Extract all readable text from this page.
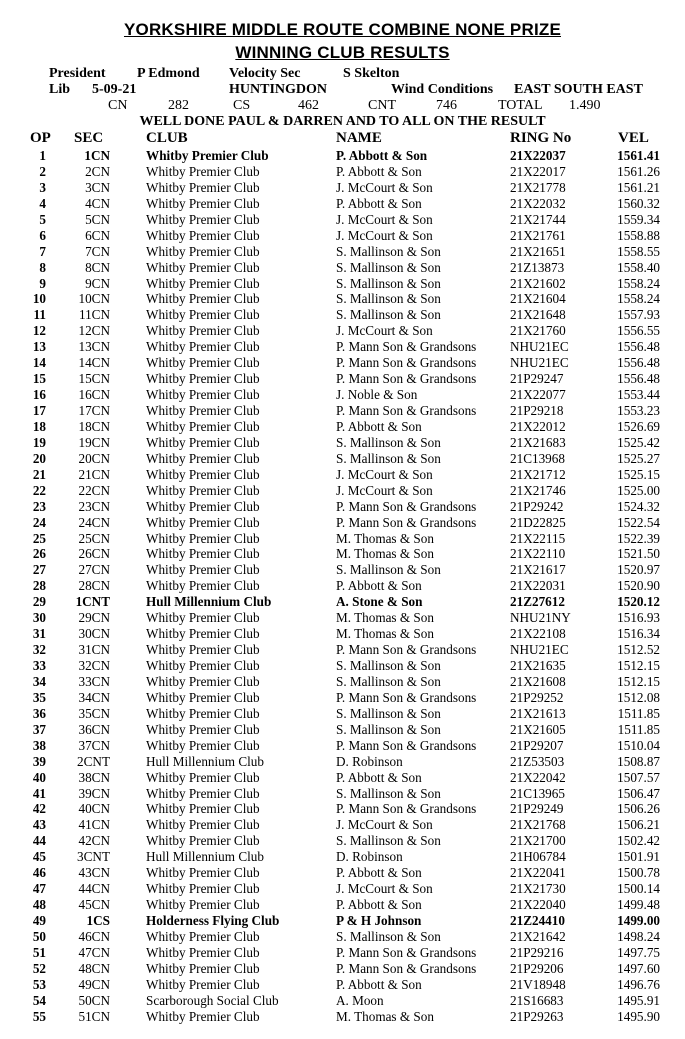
YORKSHIRE MIDDLE ROUTE COMBINE NONE PRIZE
WINNING CLUB RESULTS
President P Edmond Velocity Sec	S Skelton
Lib 5-09-21	HUNTINGDON	Wind Conditions EAST SOUTH EAST
CN	282	CS	462	CNT	746	TOTAL 1.490
WELL DONE PAUL & DARREN AND TO ALL ON THE RESULT
OP SEC	CLUB	NAME	RING No	VEL
1	1CN	Whitby Premier Club	P. Abbott & Son	21X22037	1561.41
2	2CN	Whitby Premier Club	P. Abbott & Son	21X22017	1561.26
3	3CN	Whitby Premier Club	J. McCourt & Son	21X21778	1561.21
4	4CN	Whitby Premier Club	P. Abbott & Son	21X22032	1560.32
5	5CN	Whitby Premier Club	J. McCourt & Son	21X21744	1559.34
6	6CN	Whitby Premier Club	J. McCourt & Son	21X21761	1558.88
7	7CN	Whitby Premier Club	S. Mallinson & Son	21X21651	1558.55
8	8CN	Whitby Premier Club	S. Mallinson & Son	21Z13873	1558.40
9	9CN	Whitby Premier Club	S. Mallinson & Son	21X21602	1558.24
10	10CN	Whitby Premier Club	S. Mallinson & Son	21X21604	1558.24
11	11CN	Whitby Premier Club	S. Mallinson & Son	21X21648	1557.93
12	12CN	Whitby Premier Club	J. McCourt & Son	21X21760	1556.55
13	13CN	Whitby Premier Club	P. Mann Son & Grandsons	NHU21EC	1556.48
14	14CN	Whitby Premier Club	P. Mann Son & Grandsons	NHU21EC	1556.48
15	15CN	Whitby Premier Club	P. Mann Son & Grandsons	21P29247	1556.48
16	16CN	Whitby Premier Club	J. Noble & Son	21X22077	1553.44
17	17CN	Whitby Premier Club	P. Mann Son & Grandsons	21P29218	1553.23
18	18CN	Whitby Premier Club	P. Abbott & Son	21X22012	1526.69
19	19CN	Whitby Premier Club	S. Mallinson & Son	21X21683	1525.42
20	20CN	Whitby Premier Club	S. Mallinson & Son	21C13968	1525.27
21	21CN	Whitby Premier Club	J. McCourt & Son	21X21712	1525.15
22	22CN	Whitby Premier Club	J. McCourt & Son	21X21746	1525.00
23	23CN	Whitby Premier Club	P. Mann Son & Grandsons	21P29242	1524.32
24	24CN	Whitby Premier Club	P. Mann Son & Grandsons	21D22825	1522.54
25	25CN	Whitby Premier Club	M. Thomas & Son	21X22115	1522.39
26	26CN	Whitby Premier Club	M. Thomas & Son	21X22110	1521.50
27	27CN	Whitby Premier Club	S. Mallinson & Son	21X21617	1520.97
28	28CN	Whitby Premier Club	P. Abbott & Son	21X22031	1520.90
29	1CNT	Hull Millennium Club	A. Stone & Son	21Z27612	1520.12
30	29CN	Whitby Premier Club	M. Thomas & Son	NHU21NY	1516.93
31	30CN	Whitby Premier Club	M. Thomas & Son	21X22108	1516.34
32	31CN	Whitby Premier Club	P. Mann Son & Grandsons	NHU21EC	1512.52
33	32CN	Whitby Premier Club	S. Mallinson & Son	21X21635	1512.15
34	33CN	Whitby Premier Club	S. Mallinson & Son	21X21608	1512.15
35	34CN	Whitby Premier Club	P. Mann Son & Grandsons	21P29252	1512.08
36	35CN	Whitby Premier Club	S. Mallinson & Son	21X21613	1511.85
37	36CN	Whitby Premier Club	S. Mallinson & Son	21X21605	1511.85
38	37CN	Whitby Premier Club	P. Mann Son & Grandsons	21P29207	1510.04
39	2CNT	Hull Millennium Club	D. Robinson	21Z53503	1508.87
40	38CN	Whitby Premier Club	P. Abbott & Son	21X22042	1507.57
41	39CN	Whitby Premier Club	S. Mallinson & Son	21C13965	1506.47
42	40CN	Whitby Premier Club	P. Mann Son & Grandsons	21P29249	1506.26
43	41CN	Whitby Premier Club	J. McCourt & Son	21X21768	1506.21
44	42CN	Whitby Premier Club	S. Mallinson & Son	21X21700	1502.42
45	3CNT	Hull Millennium Club	D. Robinson	21H06784	1501.91
46	43CN	Whitby Premier Club	P. Abbott & Son	21X22041	1500.78
47	44CN	Whitby Premier Club	J. McCourt & Son	21X21730	1500.14
48	45CN	Whitby Premier Club	P. Abbott & Son	21X22040	1499.48
49	1CS	Holderness Flying Club	P & H Johnson	21Z24410	1499.00
50	46CN	Whitby Premier Club	S. Mallinson & Son	21X21642	1498.24
51	47CN	Whitby Premier Club	P. Mann Son & Grandsons	21P29216	1497.75
52	48CN	Whitby Premier Club	P. Mann Son & Grandsons	21P29206	1497.60
53	49CN	Whitby Premier Club	P. Abbott & Son	21V18948	1496.76
54	50CN	Scarborough Social Club	A. Moon	21S16683	1495.91
55	51CN	Whitby Premier Club	M. Thomas & Son	21P29263	1495.90
